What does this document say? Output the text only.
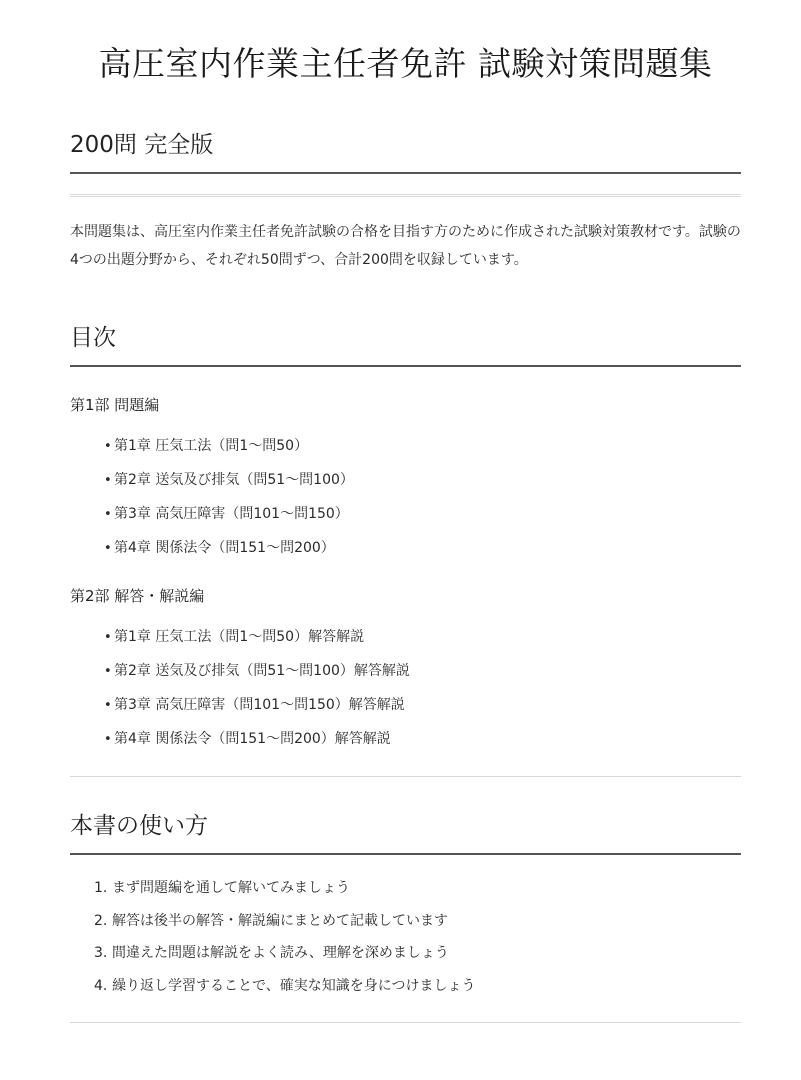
高圧室内作業主任者免許 試験対策問題集
200問 完全版

本問題集は、高圧室内作業主任者免許試験の合格を目指す方のために作成された試験対策教材です。試験の4つの出題分野から、それぞれ50問ずつ、合計200問を収録しています。

目次

第1部 問題編

• 第1章 圧気工法（問1～問50）
• 第2章 送気及び排気（問51～問100）
• 第3章 高気圧障害（問101～問150）
• 第4章 関係法令（問151～問200）

第2部 解答・解説編

• 第1章 圧気工法（問1～問50）解答解説
• 第2章 送気及び排気（問51～問100）解答解説
• 第3章 高気圧障害（問101～問150）解答解説
• 第4章 関係法令（問151～問200）解答解説
本書の使い方
1. まず問題編を通して解いてみましょう
2. 解答は後半の解答・解説編にまとめて記載しています
3. 間違えた問題は解説をよく読み、理解を深めましょう
4. 繰り返し学習することで、確実な知識を身につけましょう
